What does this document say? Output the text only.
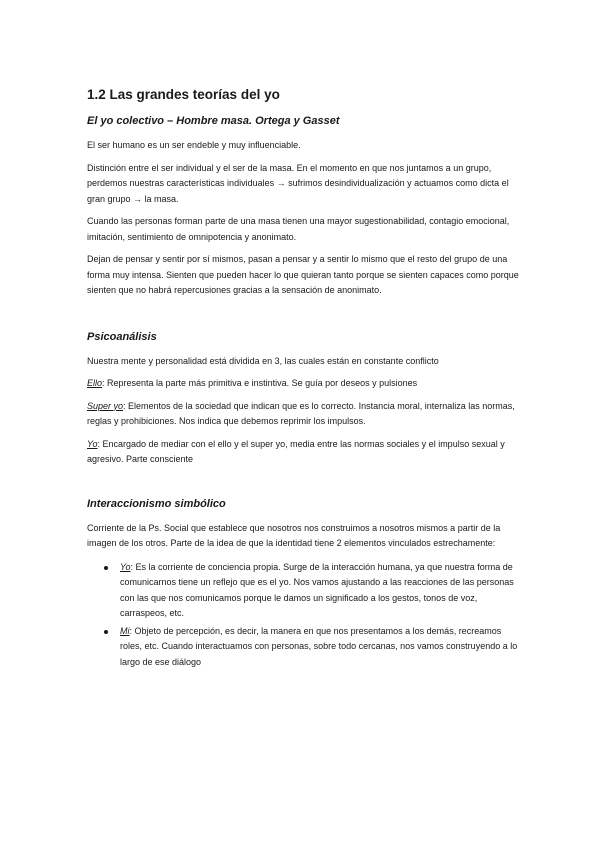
1.2 Las grandes teorías del yo
El yo colectivo – Hombre masa. Ortega y Gasset
El ser humano es un ser endeble y muy influenciable.
Distinción entre el ser individual y el ser de la masa. En el momento en que nos juntamos a un grupo, perdemos nuestras características individuales → sufrimos desindividualización y actuamos como dicta el gran grupo → la masa.
Cuando las personas forman parte de una masa tienen una mayor sugestionabilidad, contagio emocional, imitación, sentimiento de omnipotencia y anonimato.
Dejan de pensar y sentir por sí mismos, pasan a pensar y a sentir lo mismo que el resto del grupo de una forma muy intensa. Sienten que pueden hacer lo que quieran tanto porque se sienten capaces como porque sienten que no habrá repercusiones gracias a la sensación de anonimato.
Psicoanálisis
Nuestra mente y personalidad está dividida en 3, las cuales están en constante conflicto
Ello: Representa la parte más primitiva e instintiva. Se guía por deseos y pulsiones
Super yo: Elementos de la sociedad que indican que es lo correcto. Instancia moral, internaliza las normas, reglas y prohibiciones. Nos indica que debemos reprimir los impulsos.
Yo: Encargado de mediar con el ello y el super yo, media entre las normas sociales y el impulso sexual y agresivo. Parte consciente
Interaccionismo simbólico
Corriente de la Ps. Social que establece que nosotros nos construimos a nosotros mismos a partir de la imagen de los otros. Parte de la idea de que la identidad tiene 2 elementos vinculados estrechamente:
Yo: Es la corriente de conciencia propia. Surge de la interacción humana, ya que nuestra forma de comunicarnos tiene un reflejo que es el yo. Nos vamos ajustando a las reacciones de las personas con las que nos comunicamos porque le damos un significado a los gestos, tonos de voz, carraspeos, etc.
Mi: Objeto de percepción, es decir, la manera en que nos presentamos a los demás, recreamos roles, etc. Cuando interactuamos con personas, sobre todo cercanas, nos vamos construyendo a lo largo de ese diálogo
